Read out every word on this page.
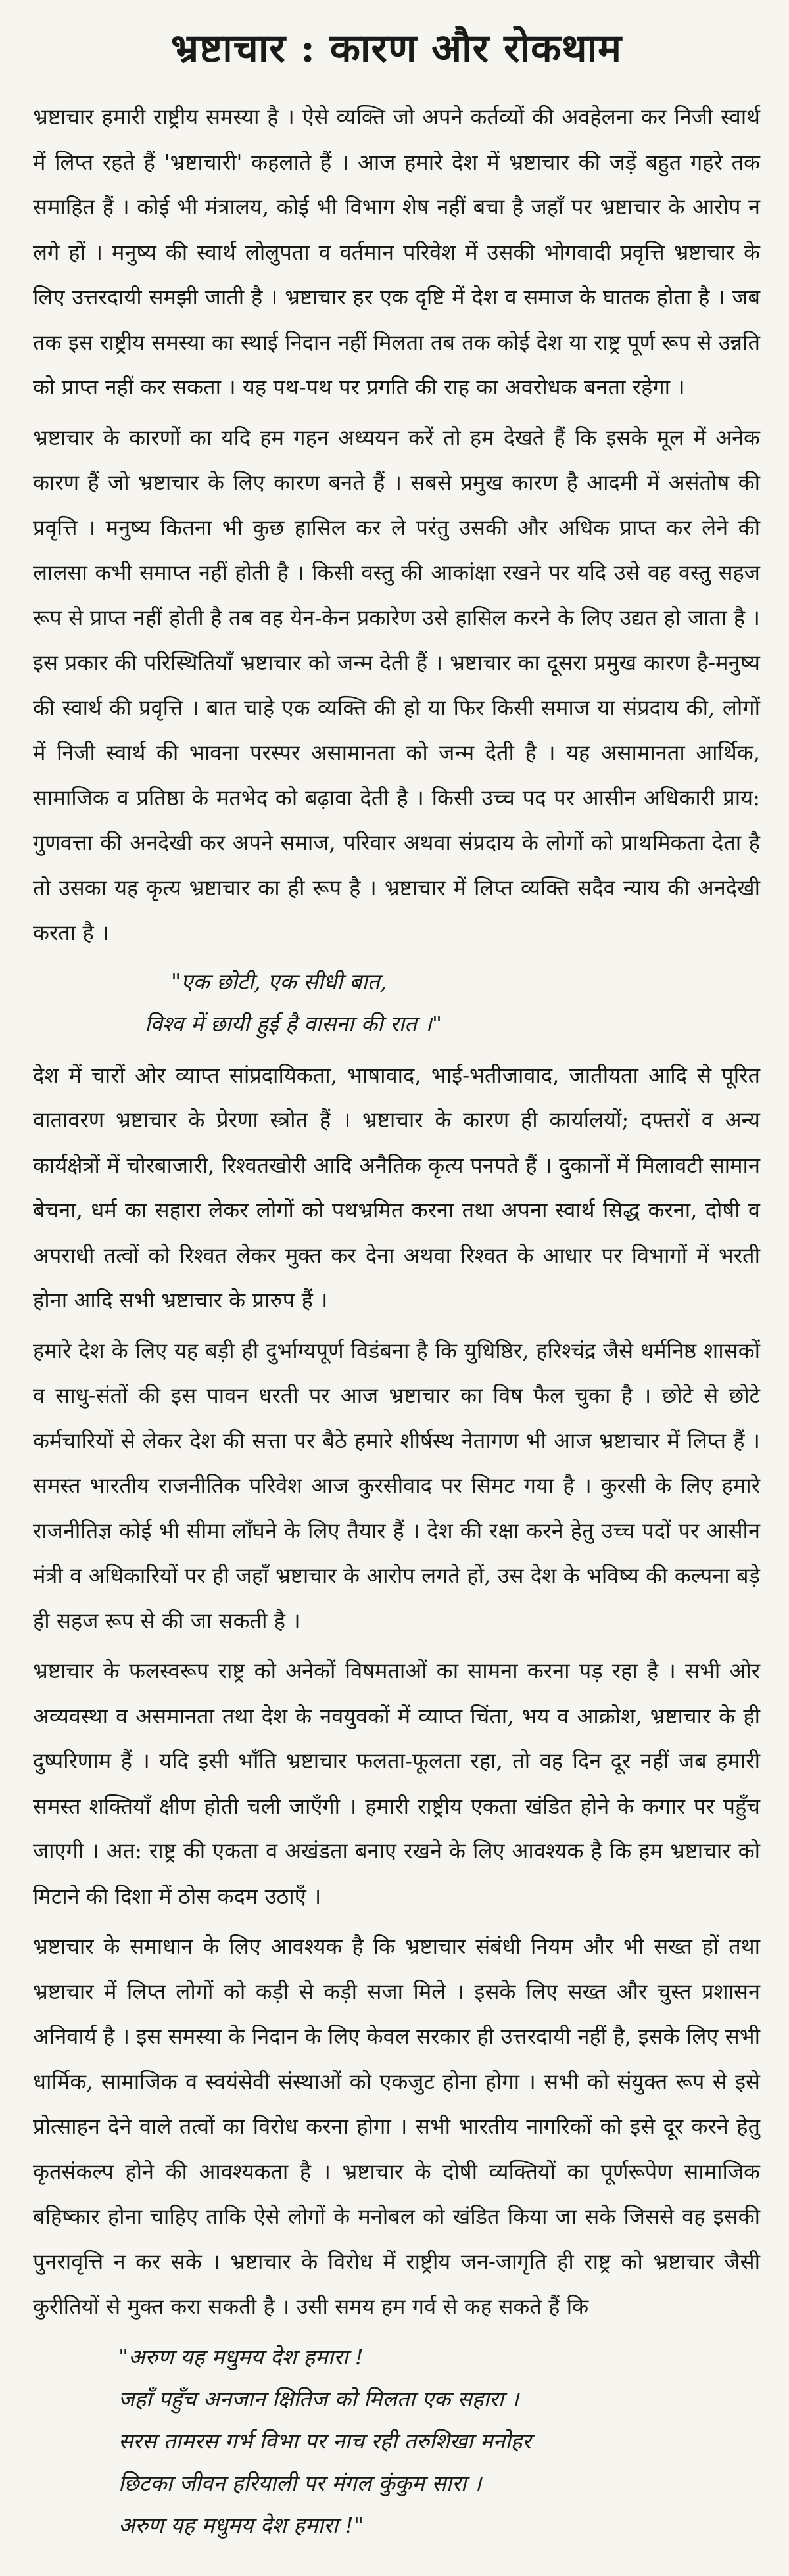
भ्रष्टाचार : कारण और रोकथाम

भ्रष्टाचार हमारी राष्ट्रीय समस्या है । ऐसे व्यक्ति जो अपने कर्तव्यों की अवहेलना कर निजी स्वार्थ में लिप्त रहते हैं 'भ्रष्टाचारी' कहलाते हैं । आज हमारे देश में भ्रष्टाचार की जड़ें बहुत गहरे तक समाहित हैं । कोई भी मंत्रालय, कोई भी विभाग शेष नहीं बचा है जहाँ पर भ्रष्टाचार के आरोप न लगे हों । मनुष्य की स्वार्थ लोलुपता व वर्तमान परिवेश में उसकी भोगवादी प्रवृत्ति भ्रष्टाचार के लिए उत्तरदायी समझी जाती है । भ्रष्टाचार हर एक दृष्टि में देश व समाज के घातक होता है । जब तक इस राष्ट्रीय समस्या का स्थाई निदान नहीं मिलता तब तक कोई देश या राष्ट्र पूर्ण रूप से उन्नति को प्राप्त नहीं कर सकता । यह पथ-पथ पर प्रगति की राह का अवरोधक बनता रहेगा ।

भ्रष्टाचार के कारणों का यदि हम गहन अध्ययन करें तो हम देखते हैं कि इसके मूल में अनेक कारण हैं जो भ्रष्टाचार के लिए कारण बनते हैं । सबसे प्रमुख कारण है आदमी में असंतोष की प्रवृत्ति । मनुष्य कितना भी कुछ हासिल कर ले परंतु उसकी और अधिक प्राप्त कर लेने की लालसा कभी समाप्त नहीं होती है । किसी वस्तु की आकांक्षा रखने पर यदि उसे वह वस्तु सहज रूप से प्राप्त नहीं होती है तब वह येन-केन प्रकारेण उसे हासिल करने के लिए उद्यत हो जाता है । इस प्रकार की परिस्थितियाँ भ्रष्टाचार को जन्म देती हैं । भ्रष्टाचार का दूसरा प्रमुख कारण है-मनुष्य की स्वार्थ की प्रवृत्ति । बात चाहे एक व्यक्ति की हो या फिर किसी समाज या संप्रदाय की, लोगों में निजी स्वार्थ की भावना परस्पर असामानता को जन्म देती है । यह असामानता आर्थिक, सामाजिक व प्रतिष्ठा के मतभेद को बढ़ावा देती है । किसी उच्च पद पर आसीन अधिकारी प्राय: गुणवत्ता की अनदेखी कर अपने समाज, परिवार अथवा संप्रदाय के लोगों को प्राथमिकता देता है तो उसका यह कृत्य भ्रष्टाचार का ही रूप है । भ्रष्टाचार में लिप्त व्यक्ति सदैव न्याय की अनदेखी करता है ।

"एक छोटी, एक सीधी बात,
विश्व में छायी हुई है वासना की रात ।"

देश में चारों ओर व्याप्त सांप्रदायिकता, भाषावाद, भाई-भतीजावाद, जातीयता आदि से पूरित वातावरण भ्रष्टाचार के प्रेरणा स्त्रोत हैं । भ्रष्टाचार के कारण ही कार्यालयों; दफ्तरों व अन्य कार्यक्षेत्रों में चोरबाजारी, रिश्वतखोरी आदि अनैतिक कृत्य पनपते हैं । दुकानों में मिलावटी सामान बेचना, धर्म का सहारा लेकर लोगों को पथभ्रमित करना तथा अपना स्वार्थ सिद्ध करना, दोषी व अपराधी तत्वों को रिश्वत लेकर मुक्त कर देना अथवा रिश्वत के आधार पर विभागों में भरती होना आदि सभी भ्रष्टाचार के प्रारुप हैं ।

हमारे देश के लिए यह बड़ी ही दुर्भाग्यपूर्ण विडंबना है कि युधिष्ठिर, हरिश्चंद्र जैसे धर्मनिष्ठ शासकों व साधु-संतों की इस पावन धरती पर आज भ्रष्टाचार का विष फैल चुका है । छोटे से छोटे कर्मचारियों से लेकर देश की सत्ता पर बैठे हमारे शीर्षस्थ नेतागण भी आज भ्रष्टाचार में लिप्त हैं । समस्त भारतीय राजनीतिक परिवेश आज कुरसीवाद पर सिमट गया है । कुरसी के लिए हमारे राजनीतिज्ञ कोई भी सीमा लाँघने के लिए तैयार हैं । देश की रक्षा करने हेतु उच्च पदों पर आसीन मंत्री व अधिकारियों पर ही जहाँ भ्रष्टाचार के आरोप लगते हों, उस देश के भविष्य की कल्पना बड़े ही सहज रूप से की जा सकती है ।

भ्रष्टाचार के फलस्वरूप राष्ट्र को अनेकों विषमताओं का सामना करना पड़ रहा है । सभी ओर अव्यवस्था व असमानता तथा देश के नवयुवकों में व्याप्त चिंता, भय व आक्रोश, भ्रष्टाचार के ही दुष्परिणाम हैं । यदि इसी भाँति भ्रष्टाचार फलता-फूलता रहा, तो वह दिन दूर नहीं जब हमारी समस्त शक्तियाँ क्षीण होती चली जाएँगी । हमारी राष्ट्रीय एकता खंडित होने के कगार पर पहुँच जाएगी । अत: राष्ट्र की एकता व अखंडता बनाए रखने के लिए आवश्यक है कि हम भ्रष्टाचार को मिटाने की दिशा में ठोस कदम उठाएँ ।

भ्रष्टाचार के समाधान के लिए आवश्यक है कि भ्रष्टाचार संबंधी नियम और भी सख्त हों तथा भ्रष्टाचार में लिप्त लोगों को कड़ी से कड़ी सजा मिले । इसके लिए सख्त और चुस्त प्रशासन अनिवार्य है । इस समस्या के निदान के लिए केवल सरकार ही उत्तरदायी नहीं है, इसके लिए सभी धार्मिक, सामाजिक व स्वयंसेवी संस्थाओं को एकजुट होना होगा । सभी को संयुक्त रूप से इसे प्रोत्साहन देने वाले तत्वों का विरोध करना होगा । सभी भारतीय नागरिकों को इसे दूर करने हेतु कृतसंकल्प होने की आवश्यकता है । भ्रष्टाचार के दोषी व्यक्तियों का पूर्णरूपेण सामाजिक बहिष्कार होना चाहिए ताकि ऐसे लोगों के मनोबल को खंडित किया जा सके जिससे वह इसकी पुनरावृत्ति न कर सके । भ्रष्टाचार के विरोध में राष्ट्रीय जन-जागृति ही राष्ट्र को भ्रष्टाचार जैसी कुरीतियों से मुक्त करा सकती है । उसी समय हम गर्व से कह सकते हैं कि

"अरुण यह मधुमय देश हमारा !
जहाँ पहुँच अनजान क्षितिज को मिलता एक सहारा ।
सरस तामरस गर्भ विभा पर नाच रही तरुशिखा मनोहर
छिटका जीवन हरियाली पर मंगल कुंकुम सारा ।
अरुण यह मधुमय देश हमारा !"
